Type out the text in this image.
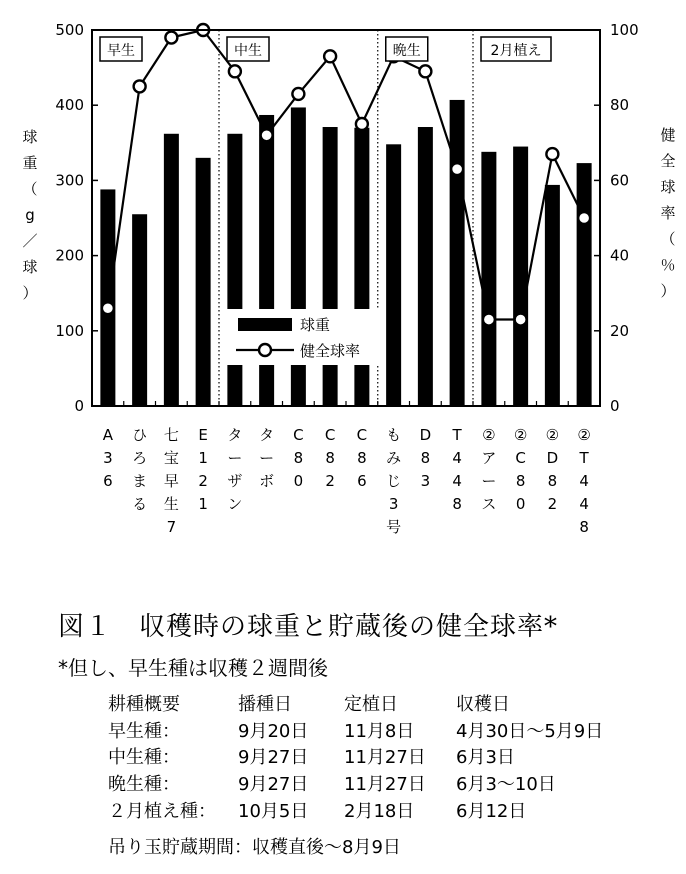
0
100
200
300
400
500
0
20
40
60
80
100
早生	中生	晩生	2月植え
球重
健全球率
A
3
6
ひ
ろ
ま
る
七
宝
早
生
7
E
1
2
1
タ
ー
ザ
ン
タ
ー
ボ
C
8
0
C
8
2
C
8
6
も
み
じ
3
号
D
8
3
T
4
4
8
②
ア
ー
ス
②
C
8
0
②
D
8
2
②
T
4
4
8
球
重
（
g
／
球
）
健
全
球
率
（
％
）
図１　収穫時の球重と貯蔵後の健全球率*
*但し、早生種は収穫２週間後
耕種概要	播種日	定植日	収穫日
早生種：	9月20日	11月8日	4月30日～5月9日
中生種：	9月27日	11月27日	6月3日
晩生種：	9月27日	11月27日	6月3～10日
２月植え種：	10月5日	2月18日	6月12日
吊り玉貯蔵期間：収穫直後～8月9日
